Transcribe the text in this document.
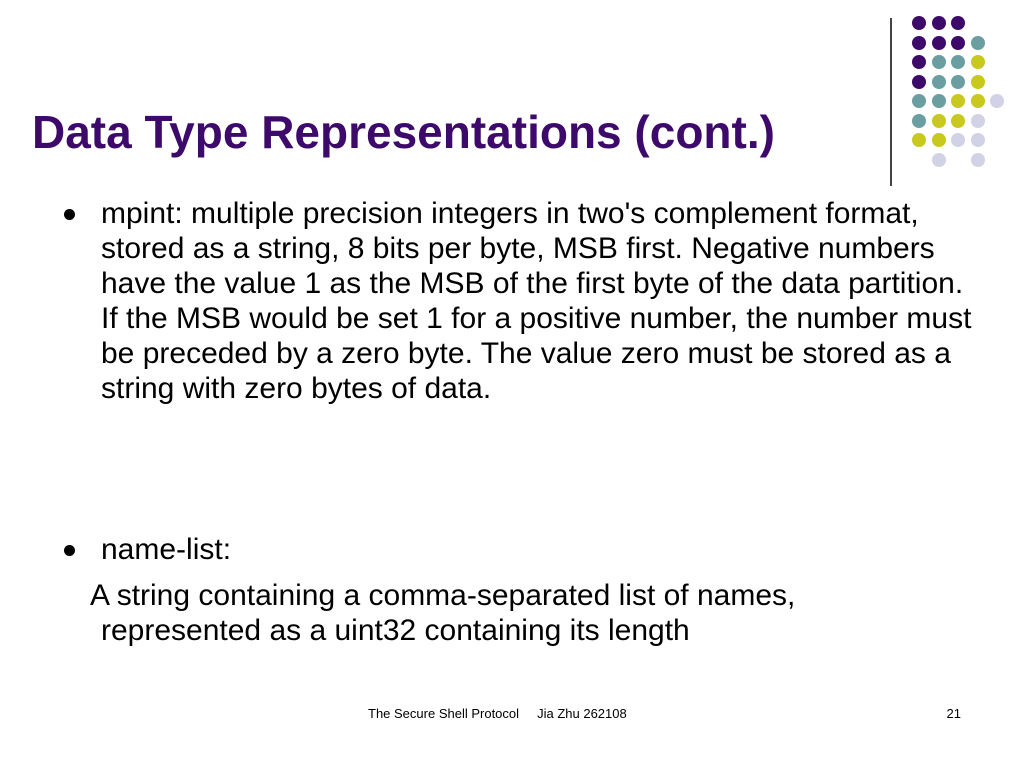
Data Type Representations (cont.)

mpint: multiple precision integers in two's complement format, stored as a string, 8 bits per byte, MSB first. Negative numbers have the value 1 as the MSB of the first byte of the data partition. If the MSB would be set 1 for a positive number, the number must be preceded by a zero byte. The value zero must be stored as a string with zero bytes of data.

name-list:

A string containing a comma-separated list of names,
represented as a uint32 containing its length
The Secure Shell Protocol Jia Zhu 262108	21
